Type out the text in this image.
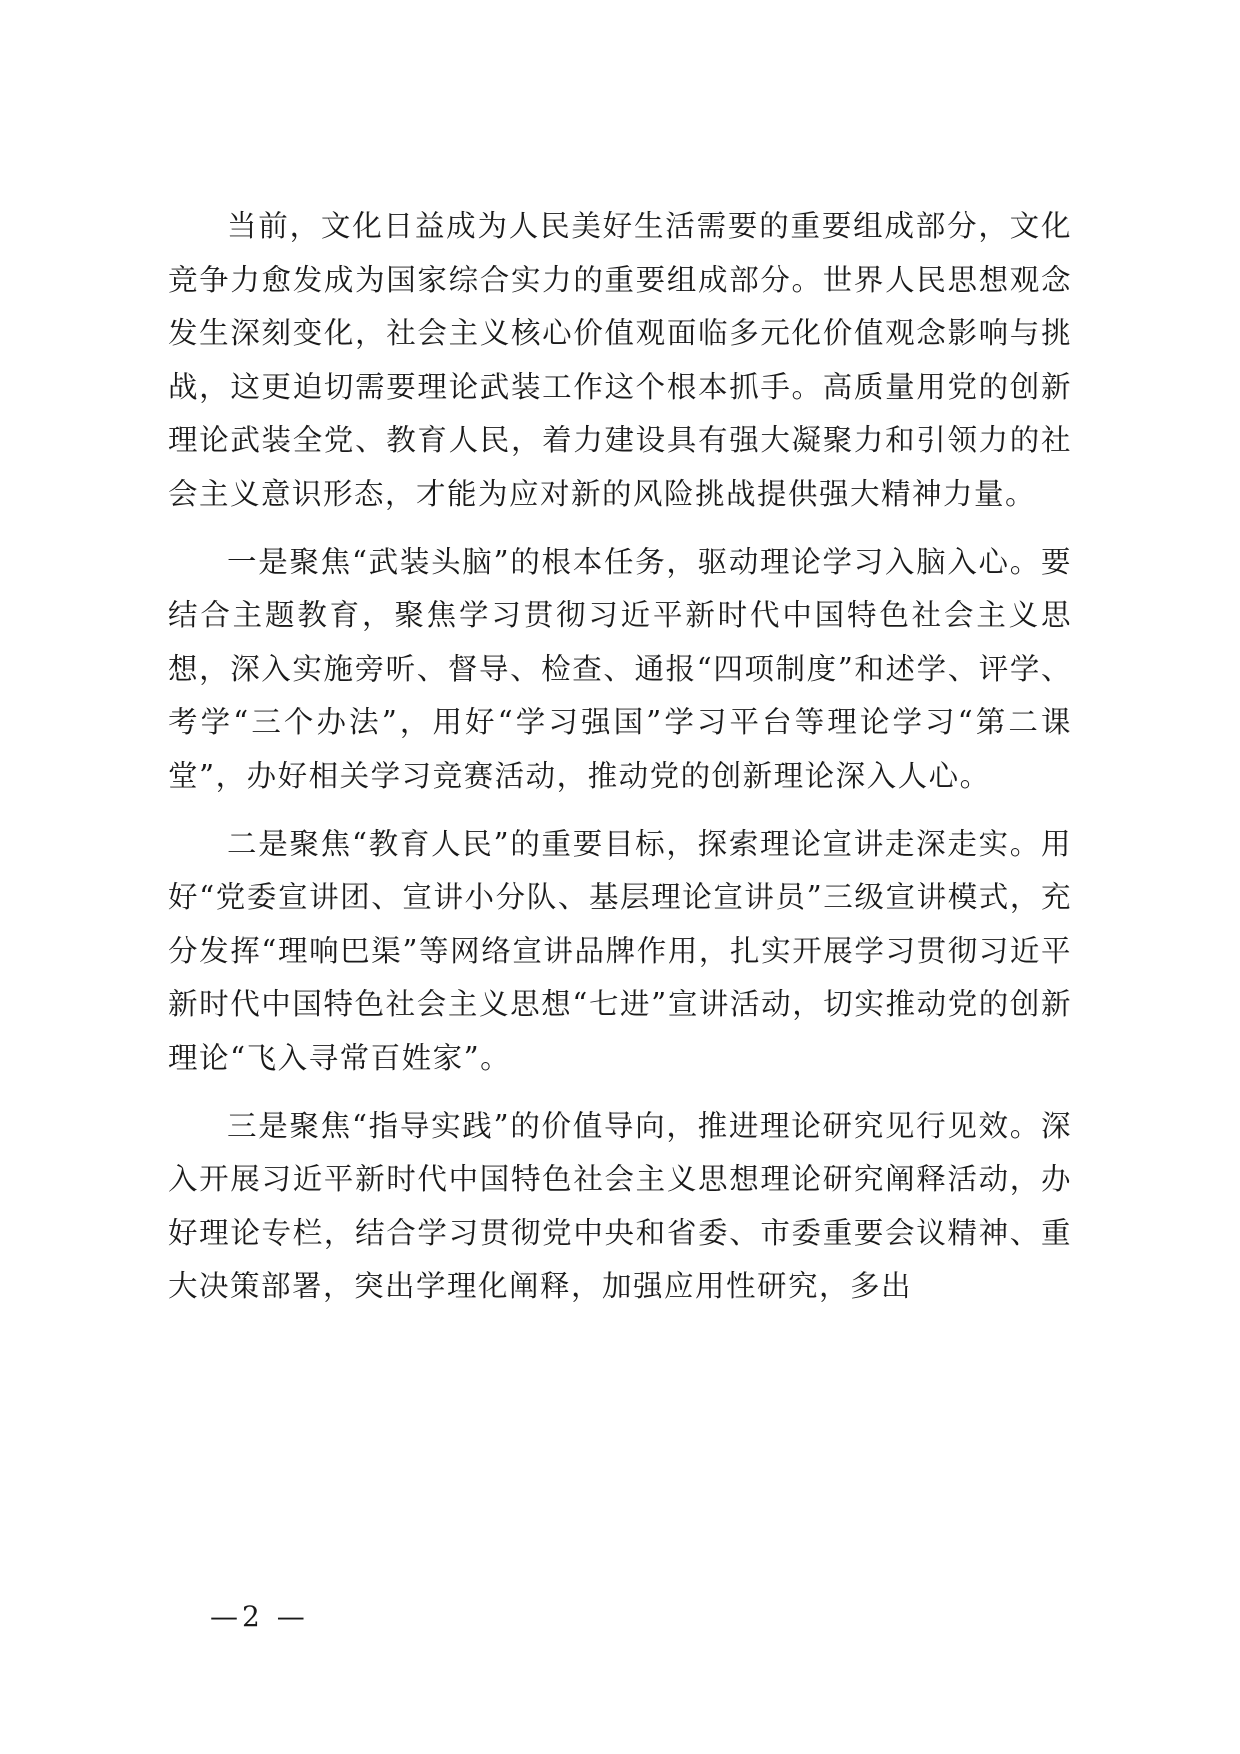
当前，文化日益成为人民美好生活需要的重要组成部分，文化竞争力愈发成为国家综合实力的重要组成部分。世界人民思想观念发生深刻变化，社会主义核心价值观面临多元化价值观念影响与挑战，这更迫切需要理论武装工作这个根本抓手。高质量用党的创新理论武装全党、教育人民，着力建设具有强大凝聚力和引领力的社会主义意识形态，才能为应对新的风险挑战提供强大精神力量。

一是聚焦“武装头脑”的根本任务，驱动理论学习入脑入心。要结合主题教育，聚焦学习贯彻习近平新时代中国特色社会主义思想，深入实施旁听、督导、检查、通报“四项制度”和述学、评学、考学“三个办法”，用好“学习强国”学习平台等理论学习“第二课堂”，办好相关学习竞赛活动，推动党的创新理论深入人心。

二是聚焦“教育人民”的重要目标，探索理论宣讲走深走实。用好“党委宣讲团、宣讲小分队、基层理论宣讲员”三级宣讲模式，充分发挥“理响巴渠”等网络宣讲品牌作用，扎实开展学习贯彻习近平新时代中国特色社会主义思想“七进”宣讲活动，切实推动党的创新理论“飞入寻常百姓家”。

三是聚焦“指导实践”的价值导向，推进理论研究见行见效。深入开展习近平新时代中国特色社会主义思想理论研究阐释活动，办好理论专栏，结合学习贯彻党中央和省委、市委重要会议精神、重大决策部署，突出学理化阐释，加强应用性研究，多出

—2 —
